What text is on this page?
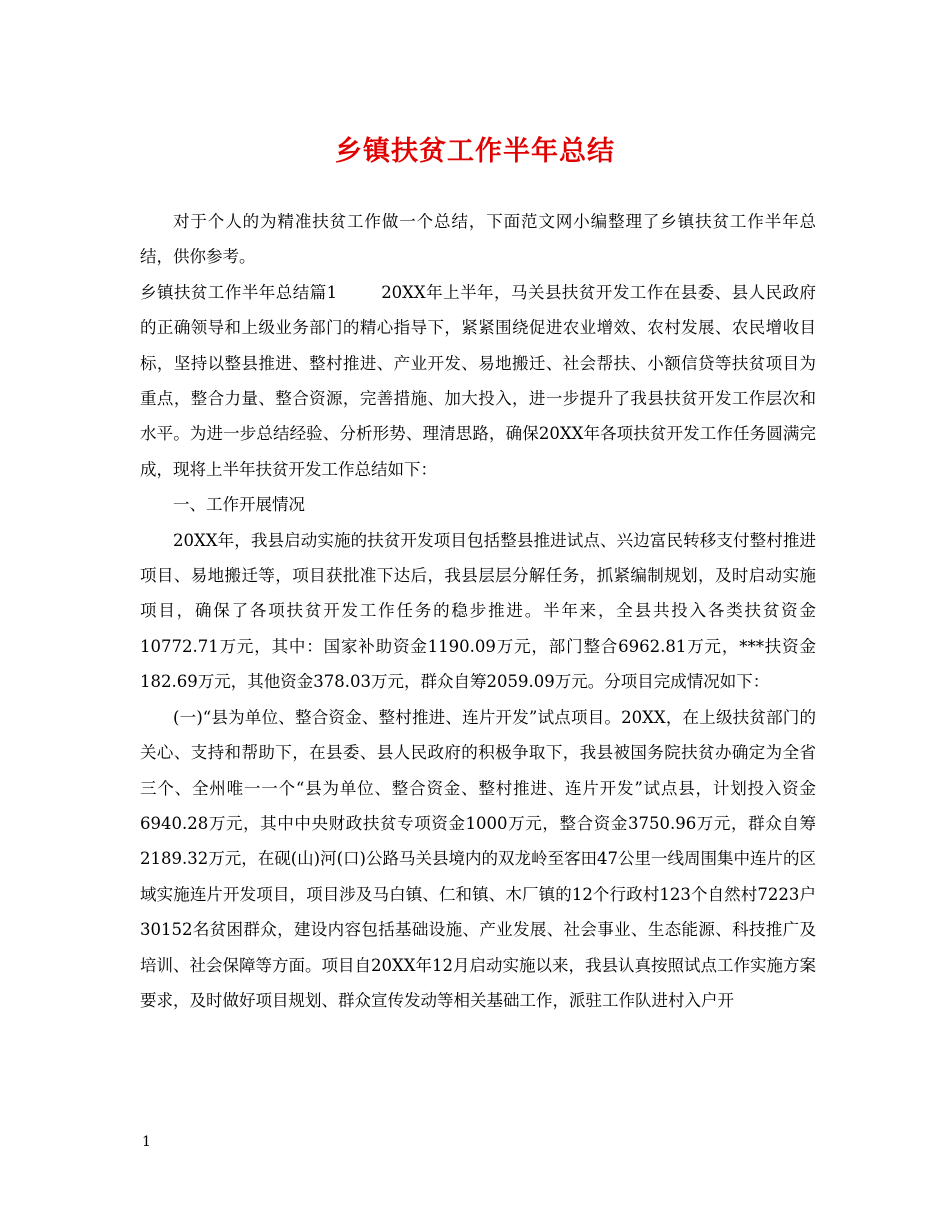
乡镇扶贫工作半年总结

对于个人的为精准扶贫工作做一个总结，下面范文网小编整理了乡镇扶贫工作半年总结，供你参考。

乡镇扶贫工作半年总结篇1	20XX年上半年，马关县扶贫开发工作在县委、县人民政府的正确领导和上级业务部门的精心指导下，紧紧围绕促进农业增效、农村发展、农民增收目标，坚持以整县推进、整村推进、产业开发、易地搬迁、社会帮扶、小额信贷等扶贫项目为重点，整合力量、整合资源，完善措施、加大投入，进一步提升了我县扶贫开发工作层次和水平。为进一步总结经验、分析形势、理清思路，确保20XX年各项扶贫开发工作任务圆满完成，现将上半年扶贫开发工作总结如下：

一、工作开展情况

20XX年，我县启动实施的扶贫开发项目包括整县推进试点、兴边富民转移支付整村推进项目、易地搬迁等，项目获批准下达后，我县层层分解任务，抓紧编制规划，及时启动实施项目，确保了各项扶贫开发工作任务的稳步推进。半年来，全县共投入各类扶贫资金10772.71万元，其中：国家补助资金1190.09万元，部门整合6962.81万元，***扶资金182.69万元，其他资金378.03万元，群众自筹2059.09万元。分项目完成情况如下：

(一)“县为单位、整合资金、整村推进、连片开发”试点项目。20XX，在上级扶贫部门的关心、支持和帮助下，在县委、县人民政府的积极争取下，我县被国务院扶贫办确定为全省三个、全州唯一一个“县为单位、整合资金、整村推进、连片开发”试点县，计划投入资金6940.28万元，其中中央财政扶贫专项资金1000万元，整合资金3750.96万元，群众自筹2189.32万元，在砚(山)河(口)公路马关县境内的双龙岭至客田47公里一线周围集中连片的区域实施连片开发项目，项目涉及马白镇、仁和镇、木厂镇的12个行政村123个自然村7223户30152名贫困群众，建设内容包括基础设施、产业发展、社会事业、生态能源、科技推广及培训、社会保障等方面。项目自20XX年12月启动实施以来，我县认真按照试点工作实施方案要求，及时做好项目规划、群众宣传发动等相关基础工作，派驻工作队进村入户开

1
